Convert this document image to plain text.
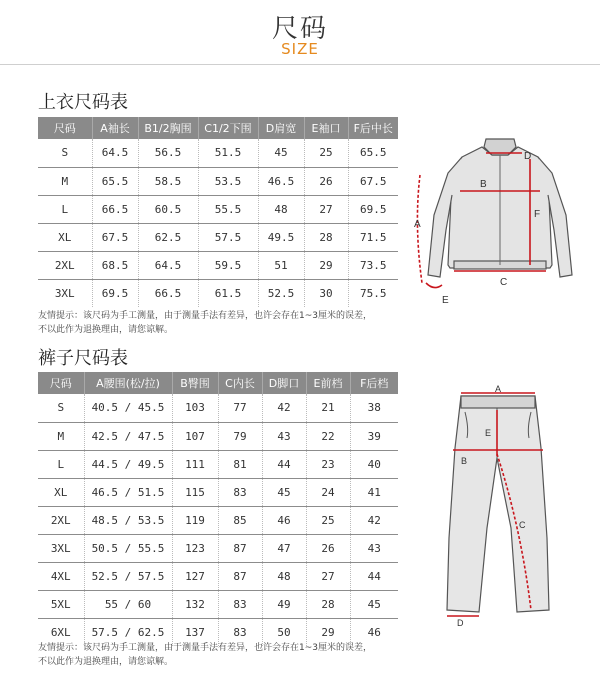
尺码
SIZE
上衣尺码表
尺码	A袖长	B1/2胸围	C1/2下围	D肩宽	E袖口	F后中长
S	64.5	56.5	51.5	45	25	65.5
M	65.5	58.5	53.5	46.5	26	67.5
L	66.5	60.5	55.5	48	27	69.5
XL	67.5	62.5	57.5	49.5	28	71.5
2XL	68.5	64.5	59.5	51	29	73.5
3XL	69.5	66.5	61.5	52.5	30	75.5
友情提示：该尺码为手工测量，由于测量手法有差异，也许会存在1~3厘米的误差，
不以此作为退换理由，请您谅解。
A
B
C
D
E
F
裤子尺码表
尺码	A腰围(松/拉)	B臀围	C内长	D脚口	E前档	F后档
S	40.5 / 45.5	103	77	42	21	38
M	42.5 / 47.5	107	79	43	22	39
L	44.5 / 49.5	111	81	44	23	40
XL	46.5 / 51.5	115	83	45	24	41
2XL	48.5 / 53.5	119	85	46	25	42
3XL	50.5 / 55.5	123	87	47	26	43
4XL	52.5 / 57.5	127	87	48	27	44
5XL	55 / 60	132	83	49	28	45
6XL	57.5 / 62.5	137	83	50	29	46
友情提示：该尺码为手工测量，由于测量手法有差异，也许会存在1~3厘米的误差，
不以此作为退换理由，请您谅解。
A
B
C
D
E
